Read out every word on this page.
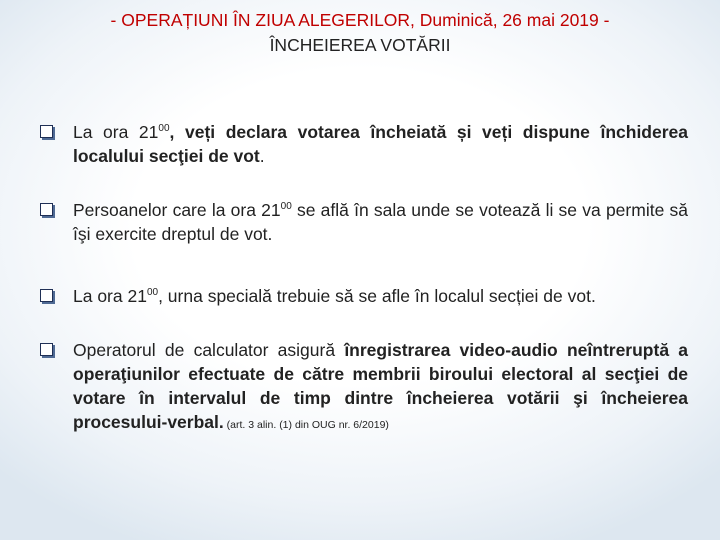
- OPERAȚIUNI ÎN ZIUA ALEGERILOR, Duminică, 26 mai 2019 -
ÎNCHEIEREA VOTĂRII
La ora $21^{00}$, veți declara votarea încheiată și veți dispune închiderea localului secţiei de vot.
Persoanelor care la ora $21^{00}$ se află în sala unde se votează li se va permite să îşi exercite dreptul de vot.
La ora $21^{00}$, urna specială trebuie să se afle în localul secției de vot.
Operatorul de calculator asigură înregistrarea video-audio neîntreruptă a operaţiunilor efectuate de către membrii biroului electoral al secţiei de votare în intervalul de timp dintre încheierea votării şi încheierea procesului-verbal. (art. 3 alin. (1) din OUG nr. 6/2019)
